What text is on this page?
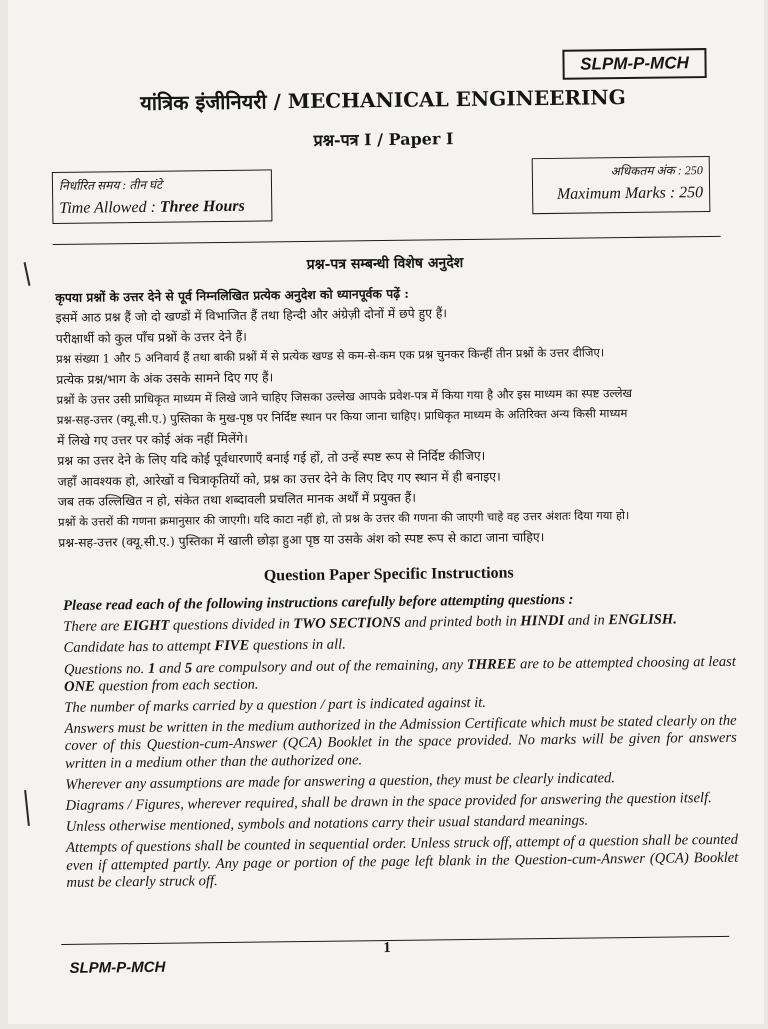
SLPM-P-MCH
यांत्रिक इंजीनियरी / MECHANICAL ENGINEERING
प्रश्न-पत्र I / Paper I
निर्धारित समय : तीन घंटे
Time Allowed : Three Hours
अधिकतम अंक : 250
Maximum Marks : 250
प्रश्न-पत्र सम्बन्धी विशेष अनुदेश
कृपया प्रश्नों के उत्तर देने से पूर्व निम्नलिखित प्रत्येक अनुदेश को ध्यानपूर्वक पढ़ें :
इसमें आठ प्रश्न हैं जो दो खण्डों में विभाजित हैं तथा हिन्दी और अंग्रेज़ी दोनों में छपे हुए हैं।
परीक्षार्थी को कुल पाँच प्रश्नों के उत्तर देने हैं।
प्रश्न संख्या 1 और 5 अनिवार्य हैं तथा बाकी प्रश्नों में से प्रत्येक खण्ड से कम-से-कम एक प्रश्न चुनकर किन्हीं तीन प्रश्नों के उत्तर दीजिए।
प्रत्येक प्रश्न/भाग के अंक उसके सामने दिए गए हैं।
प्रश्नों के उत्तर उसी प्राधिकृत माध्यम में लिखे जाने चाहिए जिसका उल्लेख आपके प्रवेश-पत्र में किया गया है और इस माध्यम का स्पष्ट उल्लेख
प्रश्न-सह-उत्तर (क्यू.सी.ए.) पुस्तिका के मुख-पृष्ठ पर निर्दिष्ट स्थान पर किया जाना चाहिए। प्राधिकृत माध्यम के अतिरिक्त अन्य किसी माध्यम
में लिखे गए उत्तर पर कोई अंक नहीं मिलेंगे।
प्रश्न का उत्तर देने के लिए यदि कोई पूर्वधारणाएँ बनाई गई हों, तो उन्हें स्पष्ट रूप से निर्दिष्ट कीजिए।
जहाँ आवश्यक हो, आरेखों व चित्राकृतियों को, प्रश्न का उत्तर देने के लिए दिए गए स्थान में ही बनाइए।
जब तक उल्लिखित न हो, संकेत तथा शब्दावली प्रचलित मानक अर्थों में प्रयुक्त हैं।
प्रश्नों के उत्तरों की गणना क्रमानुसार की जाएगी। यदि काटा नहीं हो, तो प्रश्न के उत्तर की गणना की जाएगी चाहे वह उत्तर अंशतः दिया गया हो।
प्रश्न-सह-उत्तर (क्यू.सी.ए.) पुस्तिका में खाली छोड़ा हुआ पृष्ठ या उसके अंश को स्पष्ट रूप से काटा जाना चाहिए।
Question Paper Specific Instructions

Please read each of the following instructions carefully before attempting questions :

There are EIGHT questions divided in TWO SECTIONS and printed both in HINDI and in ENGLISH.

Candidate has to attempt FIVE questions in all.

Questions no. 1 and 5 are compulsory and out of the remaining, any THREE are to be attempted choosing at least ONE question from each section.

The number of marks carried by a question / part is indicated against it.

Answers must be written in the medium authorized in the Admission Certificate which must be stated clearly on the cover of this Question-cum-Answer (QCA) Booklet in the space provided. No marks will be given for answers written in a medium other than the authorized one.

Wherever any assumptions are made for answering a question, they must be clearly indicated.

Diagrams / Figures, wherever required, shall be drawn in the space provided for answering the question itself.

Unless otherwise mentioned, symbols and notations carry their usual standard meanings.

Attempts of questions shall be counted in sequential order. Unless struck off, attempt of a question shall be counted even if attempted partly. Any page or portion of the page left blank in the Question-cum-Answer (QCA) Booklet must be clearly struck off.

1
SLPM-P-MCH
